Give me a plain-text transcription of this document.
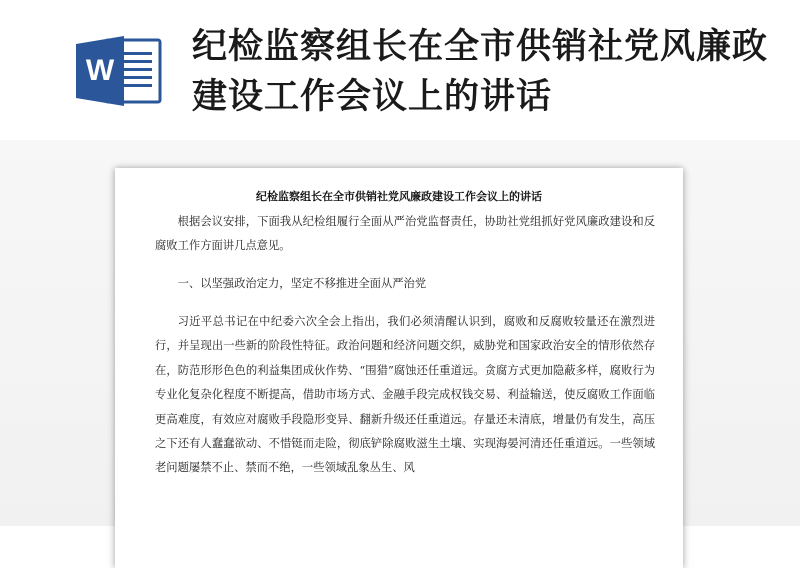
W
纪检监察组长在全市供销社党风廉政建设工作会议上的讲话
纪检监察组长在全市供销社党风廉政建设工作会议上的讲话

根据会议安排，下面我从纪检组履行全面从严治党监督责任，协助社党组抓好党风廉政建设和反腐败工作方面讲几点意见。

一、以坚强政治定力，坚定不移推进全面从严治党

习近平总书记在中纪委六次全会上指出，我们必须清醒认识到，腐败和反腐败较量还在激烈进行，并呈现出一些新的阶段性特征。政治问题和经济问题交织，威胁党和国家政治安全的情形依然存在，防范形形色色的利益集团成伙作势、“围猎”腐蚀还任重道远。贪腐方式更加隐蔽多样，腐败行为专业化复杂化程度不断提高，借助市场方式、金融手段完成权钱交易、利益输送，使反腐败工作面临更高难度，有效应对腐败手段隐形变异、翻新升级还任重道远。存量还未清底，增量仍有发生，高压之下还有人蠢蠢欲动、不惜铤而走险，彻底铲除腐败滋生土壤、实现海晏河清还任重道远。一些领域老问题屡禁不止、禁而不绝，一些领域乱象丛生、风
